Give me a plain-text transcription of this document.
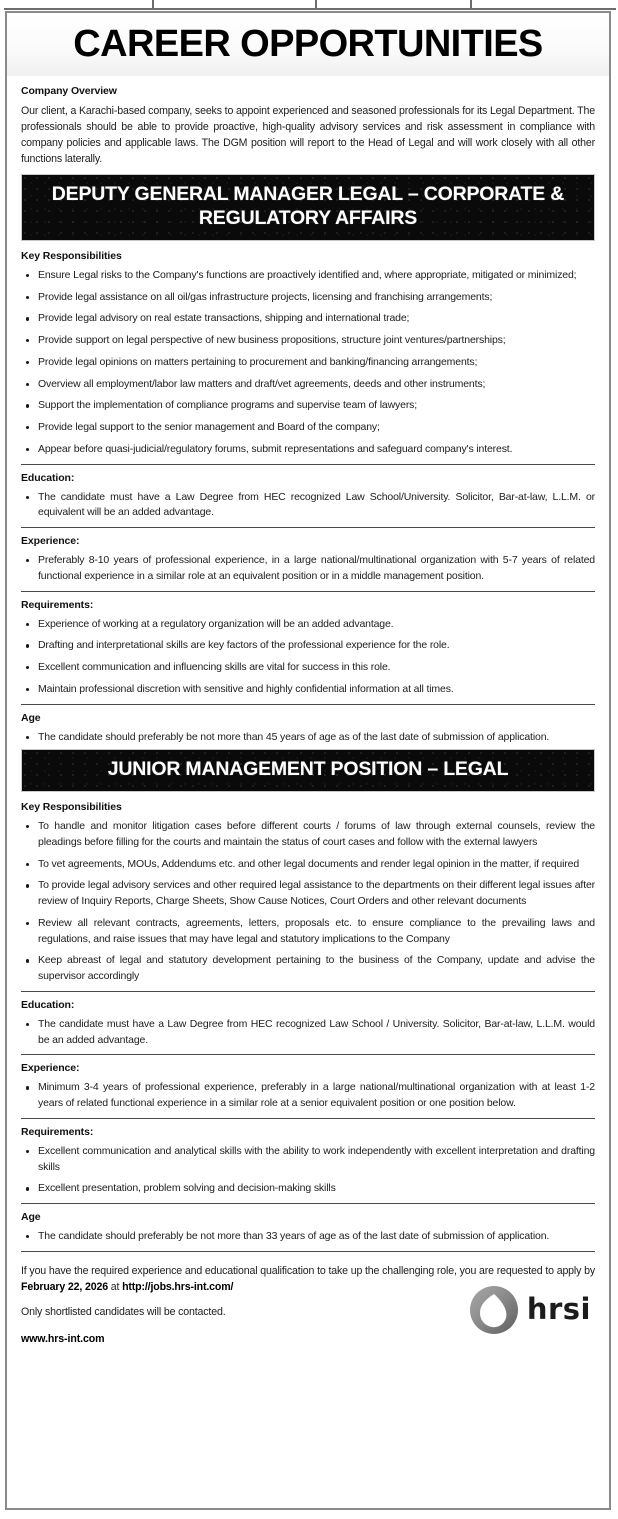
CAREER OPPORTUNITIES
Company Overview

Our client, a Karachi-based company, seeks to appoint experienced and seasoned professionals for its Legal Department. The professionals should be able to provide proactive, high-quality advisory services and risk assessment in compliance with company policies and applicable laws. The DGM position will report to the Head of Legal and will work closely with all other functions laterally.

DEPUTY GENERAL MANAGER LEGAL – CORPORATE & REGULATORY AFFAIRS
Key Responsibilities
Ensure Legal risks to the Company's functions are proactively identified and, where appropriate, mitigated or minimized;
Provide legal assistance on all oil/gas infrastructure projects, licensing and franchising arrangements;
Provide legal advisory on real estate transactions, shipping and international trade;
Provide support on legal perspective of new business propositions, structure joint ventures/partnerships;
Provide legal opinions on matters pertaining to procurement and banking/financing arrangements;
Overview all employment/labor law matters and draft/vet agreements, deeds and other instruments;
Support the implementation of compliance programs and supervise team of lawyers;
Provide legal support to the senior management and Board of the company;
Appear before quasi-judicial/regulatory forums, submit representations and safeguard company's interest.
Education:
The candidate must have a Law Degree from HEC recognized Law School/University. Solicitor, Bar-at-law, L.L.M. or equivalent will be an added advantage.
Experience:
Preferably 8-10 years of professional experience, in a large national/multinational organization with 5-7 years of related functional experience in a similar role at an equivalent position or in a middle management position.
Requirements:
Experience of working at a regulatory organization will be an added advantage.
Drafting and interpretational skills are key factors of the professional experience for the role.
Excellent communication and influencing skills are vital for success in this role.
Maintain professional discretion with sensitive and highly confidential information at all times.
Age
The candidate should preferably be not more than 45 years of age as of the last date of submission of application.
JUNIOR MANAGEMENT POSITION – LEGAL
Key Responsibilities
To handle and monitor litigation cases before different courts / forums of law through external counsels, review the pleadings before filling for the courts and maintain the status of court cases and follow with the external lawyers
To vet agreements, MOUs, Addendums etc. and other legal documents and render legal opinion in the matter, if required
To provide legal advisory services and other required legal assistance to the departments on their different legal issues after review of Inquiry Reports, Charge Sheets, Show Cause Notices, Court Orders and other relevant documents
Review all relevant contracts, agreements, letters, proposals etc. to ensure compliance to the prevailing laws and regulations, and raise issues that may have legal and statutory implications to the Company
Keep abreast of legal and statutory development pertaining to the business of the Company, update and advise the supervisor accordingly
Education:
The candidate must have a Law Degree from HEC recognized Law School / University. Solicitor, Bar-at-law, L.L.M. would be an added advantage.
Experience:
Minimum 3-4 years of professional experience, preferably in a large national/multinational organization with at least 1-2 years of related functional experience in a similar role at a senior equivalent position or one position below.
Requirements:
Excellent communication and analytical skills with the ability to work independently with excellent interpretation and drafting skills
Excellent presentation, problem solving and decision-making skills
Age
The candidate should preferably be not more than 33 years of age as of the last date of submission of application.

If you have the required experience and educational qualification to take up the challenging role, you are requested to apply by February 22, 2026 at http://jobs.hrs-int.com/

Only shortlisted candidates will be contacted.

www.hrs-int.com

hrsi
